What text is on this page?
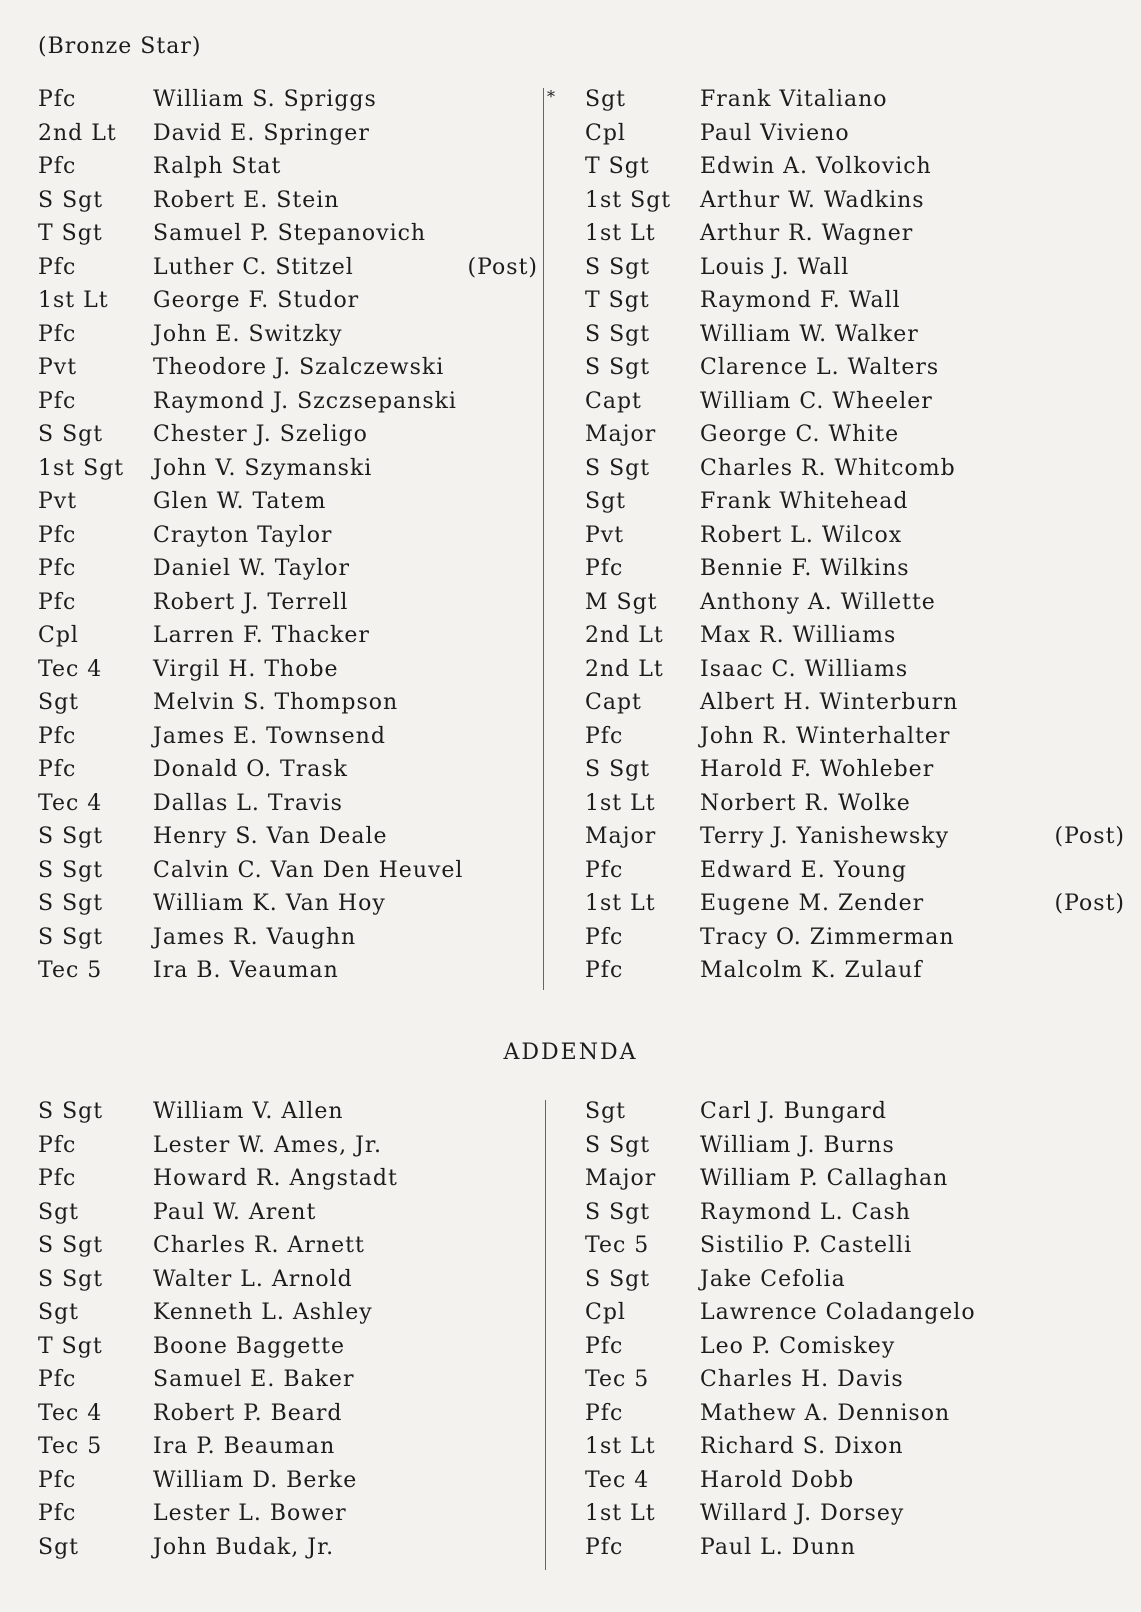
(Bronze Star)
Pfc	William S. Spriggs
2nd Lt David E. Springer
Pfc	Ralph Stat
S Sgt Robert E. Stein
T Sgt Samuel P. Stepanovich
Pfc	Luther C. Stitzel	(Post)
1st Lt George F. Studor
Pfc	John E. Switzky
Pvt	Theodore J. Szalczewski
Pfc	Raymond J. Szczsepanski
S Sgt Chester J. Szeligo
1st Sgt John V. Szymanski
Pvt	Glen W. Tatem
Pfc	Crayton Taylor
Pfc	Daniel W. Taylor
Pfc	Robert J. Terrell
Cpl	Larren F. Thacker
Tec 4 Virgil H. Thobe
Sgt	Melvin S. Thompson
Pfc	James E. Townsend
Pfc	Donald O. Trask
Tec 4 Dallas L. Travis
S Sgt Henry S. Van Deale
S Sgt Calvin C. Van Den Heuvel
S Sgt William K. Van Hoy
S Sgt James R. Vaughn
Tec 5 Ira B. Veauman
* Sgt	Frank Vitaliano
Cpl	Paul Vivieno
T Sgt Edwin A. Volkovich
1st Sgt Arthur W. Wadkins
1st Lt Arthur R. Wagner
S Sgt Louis J. Wall
T Sgt Raymond F. Wall
S Sgt William W. Walker
S Sgt Clarence L. Walters
Capt	William C. Wheeler
Major George C. White
S Sgt Charles R. Whitcomb
Sgt	Frank Whitehead
Pvt	Robert L. Wilcox
Pfc	Bennie F. Wilkins
M Sgt Anthony A. Willette
2nd Lt Max R. Williams
2nd Lt Isaac C. Williams
Capt	Albert H. Winterburn
Pfc	John R. Winterhalter
S Sgt Harold F. Wohleber
1st Lt Norbert R. Wolke
Major Terry J. Yanishewsky	(Post)
Pfc	Edward E. Young
1st Lt Eugene M. Zender	(Post)
Pfc	Tracy O. Zimmerman
Pfc	Malcolm K. Zulauf
ADDENDA
S Sgt William V. Allen
Pfc	Lester W. Ames, Jr.
Pfc	Howard R. Angstadt
Sgt	Paul W. Arent
S Sgt Charles R. Arnett
S Sgt Walter L. Arnold
Sgt	Kenneth L. Ashley
T Sgt Boone Baggette
Pfc	Samuel E. Baker
Tec 4 Robert P. Beard
Tec 5 Ira P. Beauman
Pfc	William D. Berke
Pfc	Lester L. Bower
Sgt	John Budak, Jr.
Sgt	Carl J. Bungard
S Sgt William J. Burns
Major William P. Callaghan
S Sgt Raymond L. Cash
Tec 5 Sistilio P. Castelli
S Sgt Jake Cefolia
Cpl	Lawrence Coladangelo
Pfc	Leo P. Comiskey
Tec 5 Charles H. Davis
Pfc	Mathew A. Dennison
1st Lt Richard S. Dixon
Tec 4 Harold Dobb
1st Lt Willard J. Dorsey
Pfc	Paul L. Dunn
